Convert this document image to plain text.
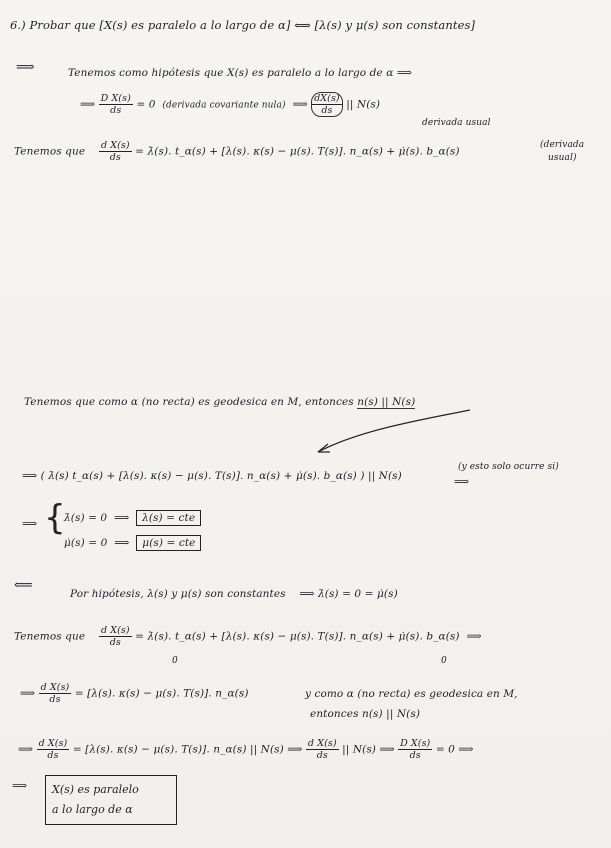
6.) Probar que [X(s) es paralelo a lo largo de α] ⟺ [λ(s) y μ(s) son constantes]
⟹	Tenemos como hipótesis que X(s) es paralelo a lo largo de α ⟹
⟹ $\frac{\text{D X(s)}}{ds} = 0$ (derivada covariante nula) ⟹ $\frac{dX(s)}{ds}$ || N(s)
derivada usual
Tenemos que $\frac{\text{d X(s)}}{ds}$ = λ̇(s). t_α(s) + [λ(s). κ(s) − μ(s). T(s)]. n_α(s) + μ̇(s). b_α(s)
(derivada
usual)
Tenemos que como α (no recta) es geodesica en M, entonces n(s) || N(s)
⟹ ( λ̇(s) t_α(s) + [λ(s). κ(s) − μ(s). T(s)]. n_α(s) + μ̇(s). b_α(s) ) || N(s)
(y esto solo ocurre si)
⟹
⟹ {
λ̇(s) = 0  ⟹  λ(s) = cte
μ̇(s) = 0  ⟹  μ(s) = cte
⟸
Por hipótesis, λ(s) y μ(s) son constantes ⟹ λ̇(s) = 0 = μ̇(s)
Tenemos que $\frac{\text{d X(s)}}{ds}$ = λ̇(s). t_α(s) + [λ(s). κ(s) − μ(s). T(s)]. n_α(s) + μ̇(s). b_α(s) ⟹
0	0
⟹ $\frac{\text{d X(s)}}{ds} = [\lambda(s)$. κ(s) − μ(s). T(s)]. n_α(s)	y como α (no recta) es geodesica en M,
entonces n(s) || N(s)
⟹ $\frac{\text{d X(s)}}{ds} = [\lambda(s)$. κ(s) − μ(s). T(s)]. n_α(s) || N(s) ⟹ $\frac{\text{d X(s)}}{ds}$ || N(s) ⟹ $\frac{\text{D X(s)}}{ds} = 0$ ⟹
⟹ X(s) es paralelo
a lo largo de α
